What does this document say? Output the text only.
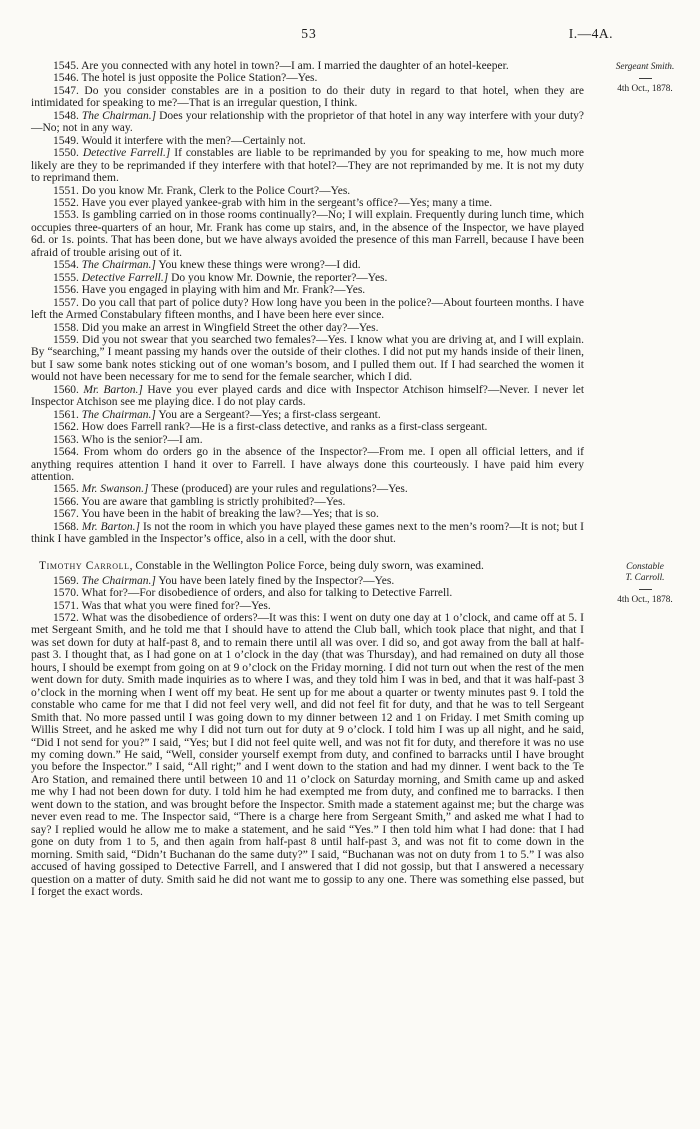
53	I.—4A.

1545. Are you connected with any hotel in town?—I am. I married the daughter of an hotel-keeper.

1546. The hotel is just opposite the Police Station?—Yes.

1547. Do you consider constables are in a position to do their duty in regard to that hotel, when they are intimidated for speaking to me?—That is an irregular question, I think.

1548. The Chairman.] Does your relationship with the proprietor of that hotel in any way interfere with your duty?—No; not in any way.

1549. Would it interfere with the men?—Certainly not.

1550. Detective Farrell.] If constables are liable to be reprimanded by you for speaking to me, how much more likely are they to be reprimanded if they interfere with that hotel?—They are not reprimanded by me. It is not my duty to reprimand them.

1551. Do you know Mr. Frank, Clerk to the Police Court?—Yes.

1552. Have you ever played yankee-grab with him in the sergeant’s office?—Yes; many a time.

1553. Is gambling carried on in those rooms continually?—No; I will explain. Frequently during lunch time, which occupies three-quarters of an hour, Mr. Frank has come up stairs, and, in the absence of the Inspector, we have played 6d. or 1s. points. That has been done, but we have always avoided the presence of this man Farrell, because I have been afraid of trouble arising out of it.

1554. The Chairman.] You knew these things were wrong?—I did.

1555. Detective Farrell.] Do you know Mr. Downie, the reporter?—Yes.

1556. Have you engaged in playing with him and Mr. Frank?—Yes.

1557. Do you call that part of police duty? How long have you been in the police?—About fourteen months. I have left the Armed Constabulary fifteen months, and I have been here ever since.

1558. Did you make an arrest in Wingfield Street the other day?—Yes.

1559. Did you not swear that you searched two females?—Yes. I know what you are driving at, and I will explain. By “searching,” I meant passing my hands over the outside of their clothes. I did not put my hands inside of their linen, but I saw some bank notes sticking out of one woman’s bosom, and I pulled them out. If I had searched the women it would not have been necessary for me to send for the female searcher, which I did.

1560. Mr. Barton.] Have you ever played cards and dice with Inspector Atchison himself?—Never. I never let Inspector Atchison see me playing dice. I do not play cards.

1561. The Chairman.] You are a Sergeant?—Yes; a first-class sergeant.

1562. How does Farrell rank?—He is a first-class detective, and ranks as a first-class sergeant.

1563. Who is the senior?—I am.

1564. From whom do orders go in the absence of the Inspector?—From me. I open all official letters, and if anything requires attention I hand it over to Farrell. I have always done this courteously. I have paid him every attention.

1565. Mr. Swanson.] These (produced) are your rules and regulations?—Yes.

1566. You are aware that gambling is strictly prohibited?—Yes.

1567. You have been in the habit of breaking the law?—Yes; that is so.

1568. Mr. Barton.] Is not the room in which you have played these games next to the men’s room?—It is not; but I think I have gambled in the Inspector’s office, also in a cell, with the door shut.

Sergeant Smith.
4th Oct., 1878.

Timothy Carroll, Constable in the Wellington Police Force, being duly sworn, was examined.

1569. The Chairman.] You have been lately fined by the Inspector?—Yes.

1570. What for?—For disobedience of orders, and also for talking to Detective Farrell.

1571. Was that what you were fined for?—Yes.

1572. What was the disobedience of orders?—It was this: I went on duty one day at 1 o’clock, and came off at 5. I met Sergeant Smith, and he told me that I should have to attend the Club ball, which took place that night, and that I was set down for duty at half-past 8, and to remain there until all was over. I did so, and got away from the ball at half-past 3. I thought that, as I had gone on at 1 o’clock in the day (that was Thursday), and had remained on duty all those hours, I should be exempt from going on at 9 o’clock on the Friday morning. I did not turn out when the rest of the men went down for duty. Smith made inquiries as to where I was, and they told him I was in bed, and that it was half-past 3 o’clock in the morning when I went off my beat. He sent up for me about a quarter or twenty minutes past 9. I told the constable who came for me that I did not feel very well, and did not feel fit for duty, and that he was to tell Sergeant Smith that. No more passed until I was going down to my dinner between 12 and 1 on Friday. I met Smith coming up Willis Street, and he asked me why I did not turn out for duty at 9 o’clock. I told him I was up all night, and he said, “Did I not send for you?” I said, “Yes; but I did not feel quite well, and was not fit for duty, and therefore it was no use my coming down.” He said, “Well, consider yourself exempt from duty, and confined to barracks until I have brought you before the Inspector.” I said, “All right;” and I went down to the station and had my dinner. I went back to the Te Aro Station, and remained there until between 10 and 11 o’clock on Saturday morning, and Smith came up and asked me why I had not been down for duty. I told him he had exempted me from duty, and confined me to barracks. I then went down to the station, and was brought before the Inspector. Smith made a statement against me; but the charge was never even read to me. The Inspector said, “There is a charge here from Sergeant Smith,” and asked me what I had to say? I replied would he allow me to make a statement, and he said “Yes.” I then told him what I had done: that I had gone on duty from 1 to 5, and then again from half-past 8 until half-past 3, and was not fit to come down in the morning. Smith said, “Didn’t Buchanan do the same duty?” I said, “Buchanan was not on duty from 1 to 5.” I was also accused of having gossiped to Detective Farrell, and I answered that I did not gossip, but that I answered a necessary question on a matter of duty. Smith said he did not want me to gossip to any one. There was something else passed, but I forget the exact words.

Constable
T. Carroll.
4th Oct., 1878.
